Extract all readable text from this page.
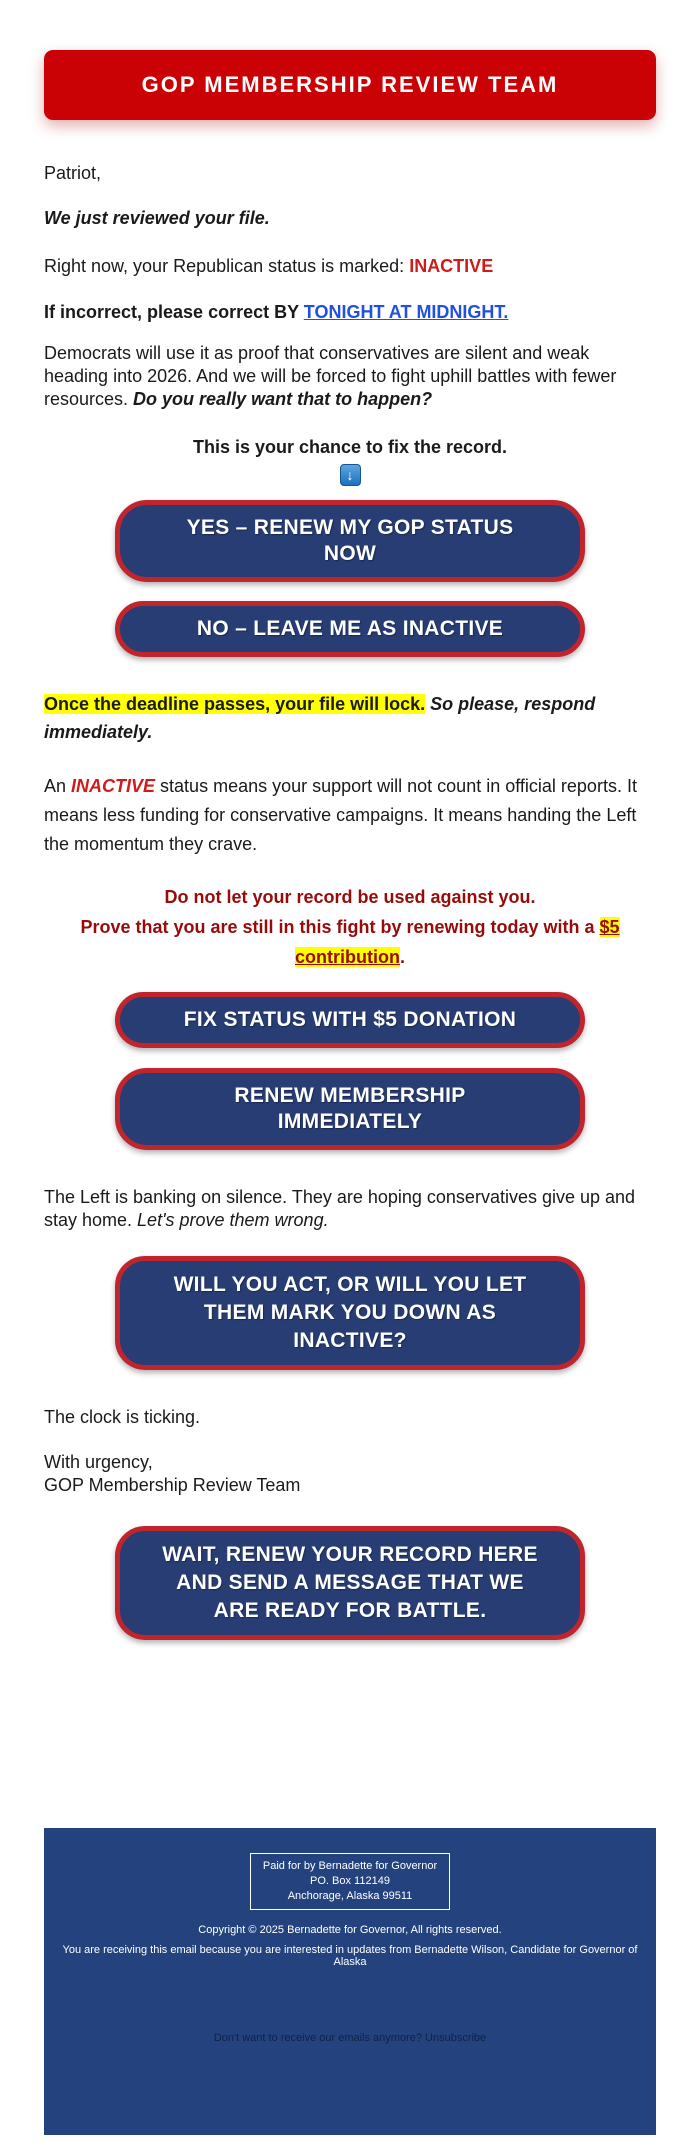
GOP MEMBERSHIP REVIEW TEAM

Patriot,

We just reviewed your file.

Right now, your Republican status is marked: INACTIVE

If incorrect, please correct BY TONIGHT AT MIDNIGHT.

Democrats will use it as proof that conservatives are silent and weak heading into 2026. And we will be forced to fight uphill battles with fewer resources. Do you really want that to happen?

This is your chance to fix the record.

↓
YES – RENEW MY GOP STATUS NOW
NO – LEAVE ME AS INACTIVE

Once the deadline passes, your file will lock. So please, respond immediately.

An INACTIVE status means your support will not count in official reports. It means less funding for conservative campaigns. It means handing the Left the momentum they crave.

Do not let your record be used against you.
Prove that you are still in this fight by renewing today with a $5 contribution.

FIX STATUS WITH $5 DONATION
RENEW MEMBERSHIP IMMEDIATELY

The Left is banking on silence. They are hoping conservatives give up and stay home. Let's prove them wrong.

WILL YOU ACT, OR WILL YOU LET THEM MARK YOU DOWN AS INACTIVE?

The clock is ticking.

With urgency,
GOP Membership Review Team

WAIT, RENEW YOUR RECORD HERE AND SEND A MESSAGE THAT WE ARE READY FOR BATTLE.
Paid for by Bernadette for Governor
PO. Box 112149
Anchorage, Alaska 99511
Copyright © 2025 Bernadette for Governor, All rights reserved.
You are receiving this email because you are interested in updates from Bernadette Wilson, Candidate for Governor of Alaska
Don't want to receive our emails anymore? Unsubscribe
